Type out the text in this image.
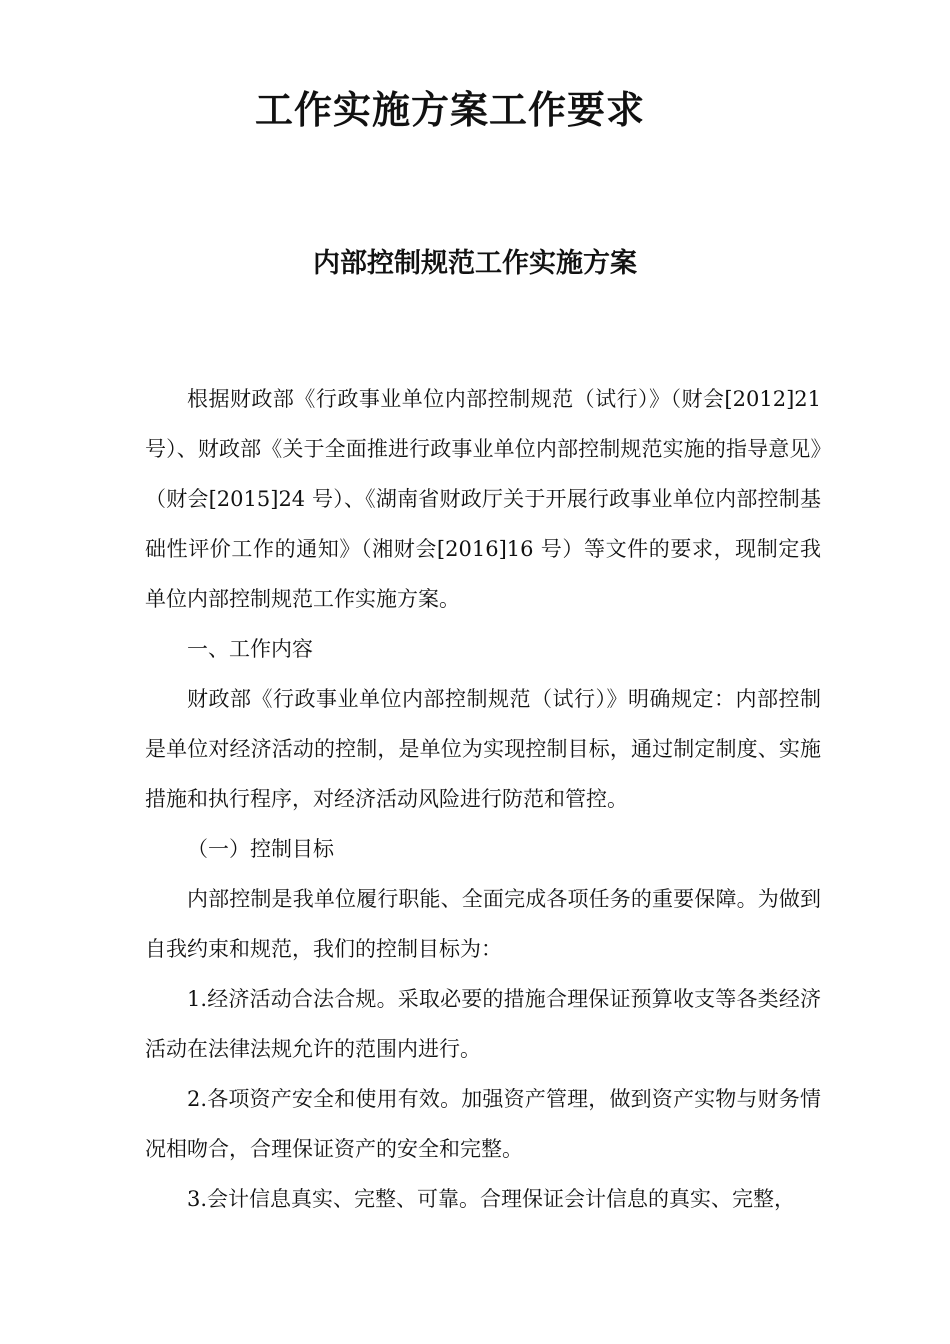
工作实施方案工作要求
内部控制规范工作实施方案

根据财政部《行政事业单位内部控制规范（试行）》（财会[2012]21号）、财政部《关于全面推进行政事业单位内部控制规范实施的指导意见》（财会[2015]24 号）、《湖南省财政厅关于开展行政事业单位内部控制基础性评价工作的通知》（湘财会[2016]16 号）等文件的要求，现制定我单位内部控制规范工作实施方案。

一、工作内容

财政部《行政事业单位内部控制规范（试行）》明确规定：内部控制是单位对经济活动的控制，是单位为实现控制目标，通过制定制度、实施措施和执行程序，对经济活动风险进行防范和管控。

（一）控制目标

内部控制是我单位履行职能、全面完成各项任务的重要保障。为做到自我约束和规范，我们的控制目标为：

1.经济活动合法合规。采取必要的措施合理保证预算收支等各类经济活动在法律法规允许的范围内进行。

2.各项资产安全和使用有效。加强资产管理，做到资产实物与财务情况相吻合，合理保证资产的安全和完整。

3.会计信息真实、完整、可靠。合理保证会计信息的真实、完整，
